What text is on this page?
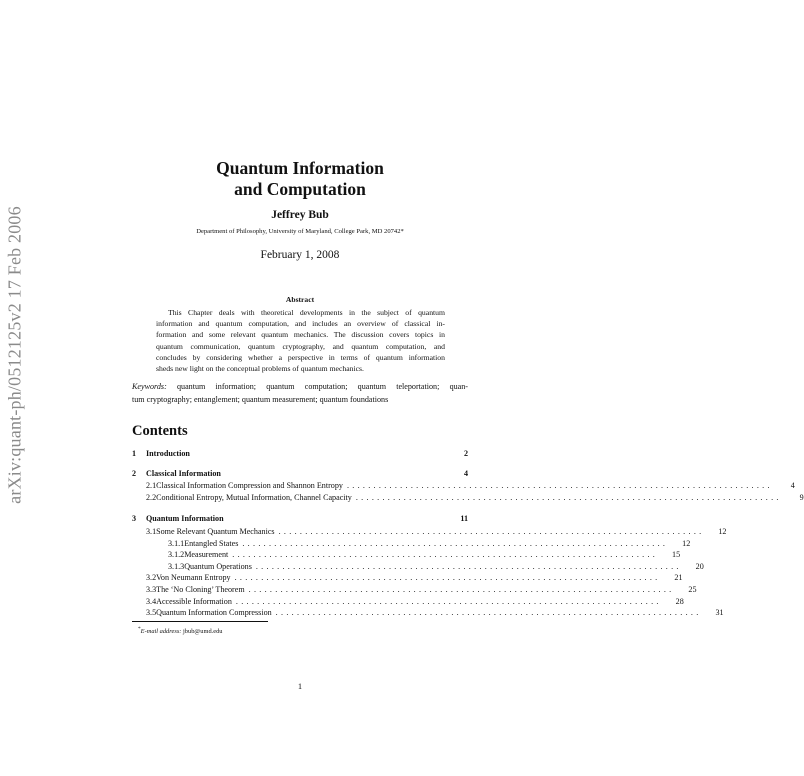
arXiv:quant-ph/0512125v2 17 Feb 2006
Quantum Information
and Computation
Jeffrey Bub
Department of Philosophy, University of Maryland, College Park, MD 20742*
February 1, 2008
Abstract
This Chapter deals with theoretical developments in the subject of quantum
information and quantum computation, and includes an overview of classical in-
formation and some relevant quantum mechanics. The discussion covers topics in
quantum communication, quantum cryptography, and quantum computation, and
concludes by considering whether a perspective in terms of quantum information
sheds new light on the conceptual problems of quantum mechanics.
Keywords: quantum information; quantum computation; quantum teleportation; quan-
tum cryptography; entanglement; quantum measurement; quantum foundations
Contents
1	Introduction	2
2	Classical Information	4
2.1 Classical Information Compression and Shannon Entropy ................................................................................	4
2.2 Conditional Entropy, Mutual Information, Channel Capacity ................................................................................	9
3	Quantum Information	11
3.1 Some Relevant Quantum Mechanics ................................................................................	12
3.1.1 Entangled States ................................................................................	12
3.1.2 Measurement ................................................................................	15
3.1.3 Quantum Operations ................................................................................	20
3.2 Von Neumann Entropy ................................................................................	21
3.3 The ‘No Cloning’ Theorem ................................................................................	25
3.4 Accessible Information ................................................................................	28
3.5 Quantum Information Compression ................................................................................	31
*E-mail address: jbub@umd.edu
1
